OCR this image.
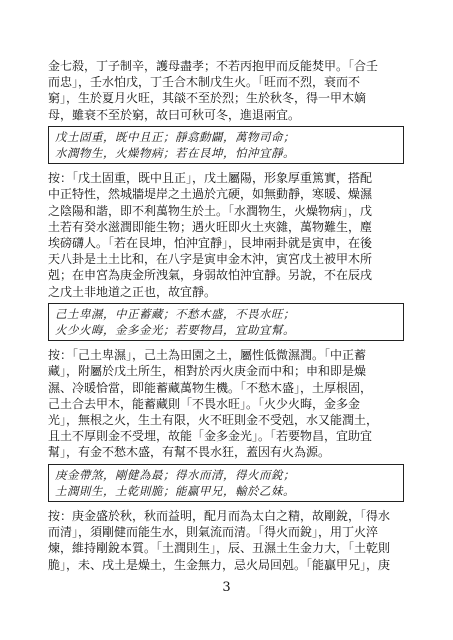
金七殺，丁子制辛，護母盡孝；不若丙抱甲而反能焚甲。「合壬
而忠」，壬水怕戊，丁壬合木制戊生火。「旺而不烈，衰而不
窮」，生於夏月火旺，其燄不至於烈；生於秋冬，得一甲木嫡
母，雖衰不至於窮，故曰可秋可冬，進退兩宜。
戊土固重，既中且正；靜翕動闢，萬物司命；
水潤物生，火燥物病；若在艮坤，怕沖宜靜。
按：「戊土固重，既中且正」，戊土屬陽，形象厚重篤實，搭配
中正特性，然城牆堤岸之土過於亢硬，如無動靜，寒暖、燥濕
之陰陽和諧，即不利萬物生於土。「水潤物生，火燥物病」，戊
土若有癸水滋潤即能生物；遇火旺即火土夾雜，萬物難生，塵
埃磅礴人。「若在艮坤，怕沖宜靜」，艮坤兩卦就是寅申，在後
天八卦是土土比和，在八字是寅申金木沖，寅宮戊土被甲木所
剋；在申宮為庚金所洩氣，身弱故怕沖宜靜。另說，不在辰戌
之戊土非地道之正也，故宜靜。
己土卑濕，中正蓄藏；不愁木盛，不畏水旺；
火少火晦，金多金光；若要物昌，宜助宜幫。
按：「己土卑濕」，己土為田園之土，屬性低微濕潤。「中正蓄
藏」，附屬於戊土所生，相對於丙火庚金而中和；申和即是燥
濕、冷暖恰當，即能蓄藏萬物生機。「不愁木盛」，土厚根固，
己土合去甲木，能蓄藏則「不畏水旺」。「火少火晦，金多金
光」，無根之火，生土有限，火不旺則金不受剋，水又能潤土，
且土不厚則金不受埋，故能「金多金光」。「若要物昌，宜助宜
幫」，有金不愁木盛，有幫不畏水狂，蓋因有火為源。
3
庚金帶煞，剛健為最；得水而清，得火而銳；
土潤則生，土乾則脆；能贏甲兄，輸於乙妹。
按：庚金盛於秋，秋而益明，配月而為太白之精，故剛銳，「得水
而清」，須剛健而能生水，則氣流而清。「得火而銳」，用丁火淬
煉，維持剛銳本質。「土潤則生」，辰、丑濕土生金力大，「土乾則
脆」，未、戌土是燥土，生金無力，忌火局回剋。「能贏甲兄」，庚
